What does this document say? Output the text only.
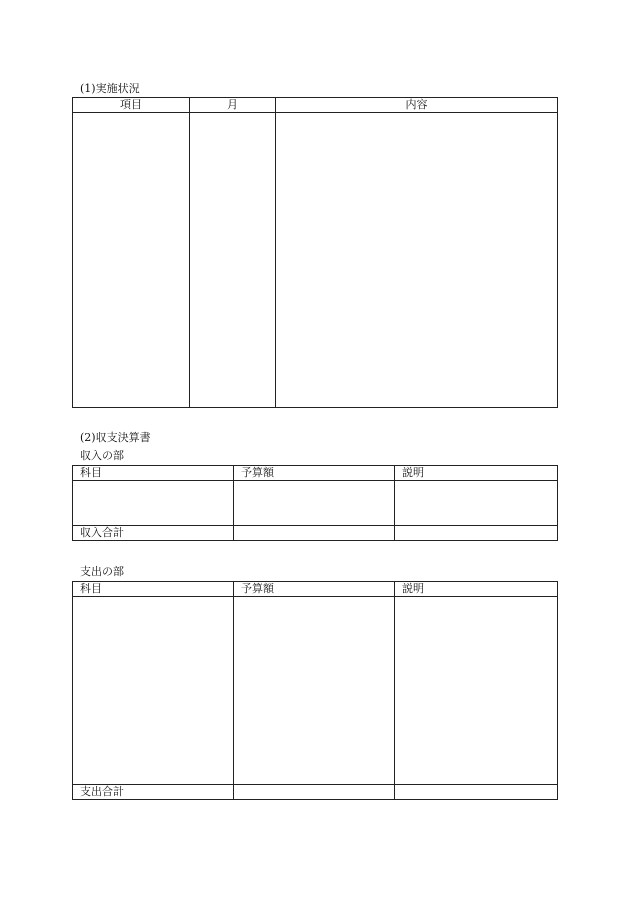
(1)実施状況
項目	月	内容

(2)収支決算書
収入の部
科目	予算額	説明

収入合計		
支出の部
科目	予算額	説明

支出合計		
